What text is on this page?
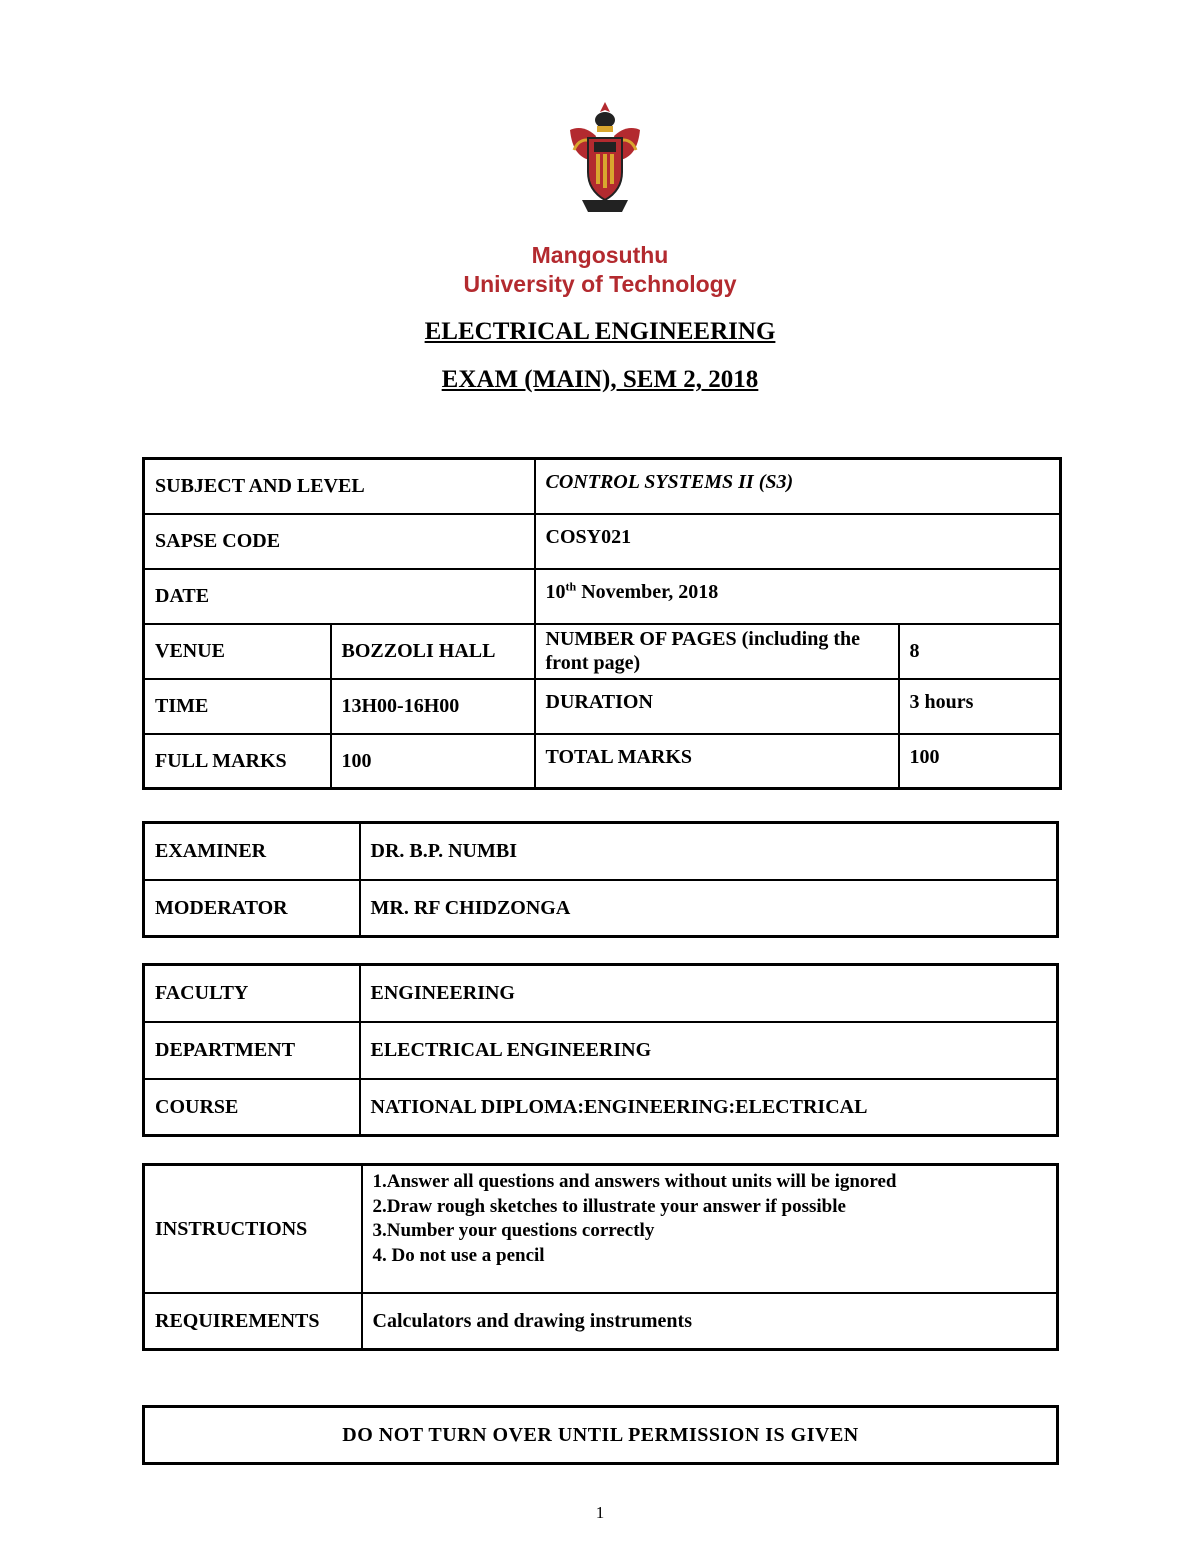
Mangosuthu
University of Technology
ELECTRICAL ENGINEERING
EXAM (MAIN), SEM 2, 2018
SUBJECT AND LEVEL		CONTROL SYSTEMS II (S3)	
SAPSE CODE		COSY021	
DATE		10th November, 2018	
VENUE	BOZZOLI HALL	NUMBER OF PAGES (including the front page)	8
TIME	13H00-16H00	DURATION	3 hours
FULL MARKS	100	TOTAL MARKS	100
EXAMINER	DR. B.P. NUMBI
MODERATOR	MR. RF CHIDZONGA
FACULTY	ENGINEERING
DEPARTMENT	ELECTRICAL ENGINEERING
COURSE	NATIONAL DIPLOMA:ENGINEERING:ELECTRICAL
INSTRUCTIONS	1.Answer all questions and answers without units will be ignored
2.Draw rough sketches to illustrate your answer if possible
3.Number your questions correctly
4. Do not use a pencil

REQUIREMENTS	Calculators and drawing instruments
DO NOT TURN OVER UNTIL PERMISSION IS GIVEN
1
